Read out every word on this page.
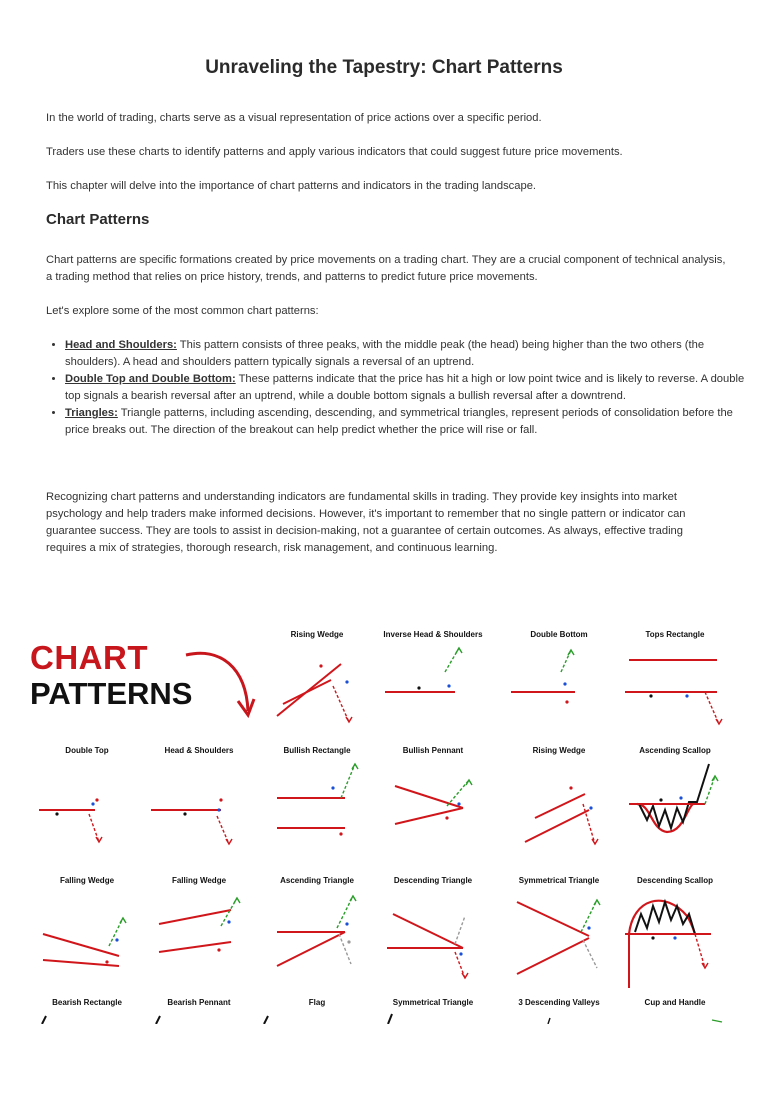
Unraveling the Tapestry: Chart Patterns

In the world of trading, charts serve as a visual representation of price actions over a specific period.

Traders use these charts to identify patterns and apply various indicators that could suggest future price movements.

This chapter will delve into the importance of chart patterns and indicators in the trading landscape.

Chart Patterns

Chart patterns are specific formations created by price movements on a trading chart. They are a crucial component of technical analysis, a trading method that relies on price history, trends, and patterns to predict future price movements.

Let's explore some of the most common chart patterns:

• Head and Shoulders: This pattern consists of three peaks, with the middle peak (the head) being higher than the two others (the shoulders). A head and shoulders pattern typically signals a reversal of an uptrend.
• Double Top and Double Bottom: These patterns indicate that the price has hit a high or low point twice and is likely to reverse. A double top signals a bearish reversal after an uptrend, while a double bottom signals a bullish reversal after a downtrend.
• Triangles: Triangle patterns, including ascending, descending, and symmetrical triangles, represent periods of consolidation before the price breaks out. The direction of the breakout can help predict whether the price will rise or fall.

Recognizing chart patterns and understanding indicators are fundamental skills in trading. They provide key insights into market psychology and help traders make informed decisions. However, it's important to remember that no single pattern or indicator can guarantee success. They are tools to assist in decision-making, not a guarantee of certain outcomes. As always, effective trading requires a mix of strategies, thorough research, risk management, and continuous learning.

CHART
PATTERNS
Rising Wedge	Inverse Head & Shoulders	Double Bottom	Tops Rectangle
Double Top	Head & Shoulders	Bullish Rectangle	Bullish Pennant	Rising Wedge	Ascending Scallop
Falling Wedge	Falling Wedge	Ascending Triangle	Descending Triangle	Symmetrical Triangle	Descending Scallop
Bearish Rectangle	Bearish Pennant	Flag	Symmetrical Triangle	3 Descending Valleys	Cup and Handle
